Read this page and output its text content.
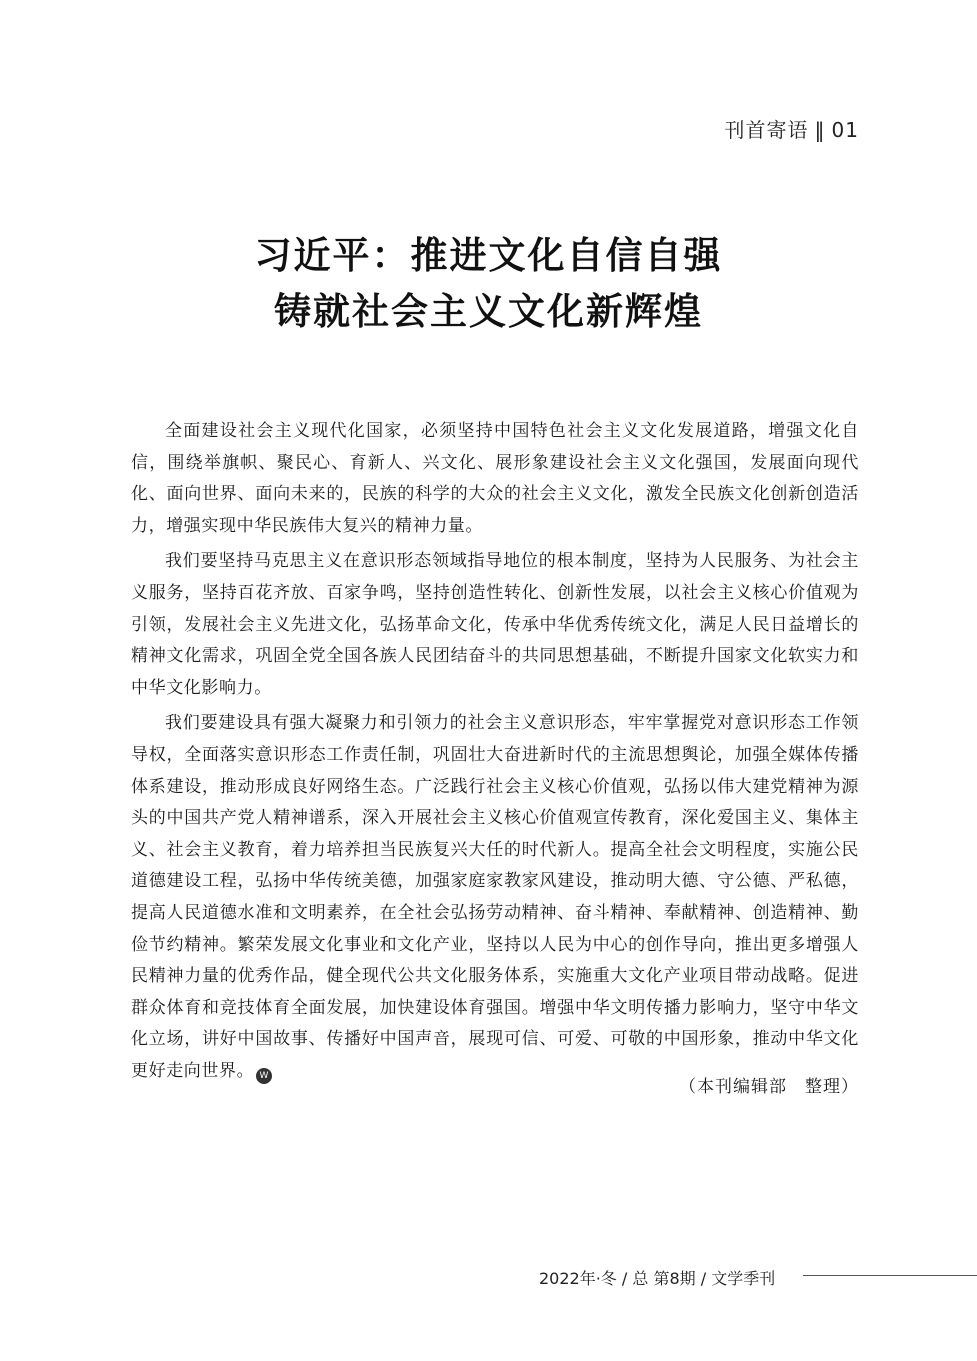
刊首寄语 ‖ 01
习近平：推进文化自信自强
铸就社会主义文化新辉煌

全面建设社会主义现代化国家，必须坚持中国特色社会主义文化发展道路，增强文化自信，围绕举旗帜、聚民心、育新人、兴文化、展形象建设社会主义文化强国，发展面向现代化、面向世界、面向未来的，民族的科学的大众的社会主义文化，激发全民族文化创新创造活力，增强实现中华民族伟大复兴的精神力量。

我们要坚持马克思主义在意识形态领域指导地位的根本制度，坚持为人民服务、为社会主义服务，坚持百花齐放、百家争鸣，坚持创造性转化、创新性发展，以社会主义核心价值观为引领，发展社会主义先进文化，弘扬革命文化，传承中华优秀传统文化，满足人民日益增长的精神文化需求，巩固全党全国各族人民团结奋斗的共同思想基础，不断提升国家文化软实力和中华文化影响力。

我们要建设具有强大凝聚力和引领力的社会主义意识形态，牢牢掌握党对意识形态工作领导权，全面落实意识形态工作责任制，巩固壮大奋进新时代的主流思想舆论，加强全媒体传播体系建设，推动形成良好网络生态。广泛践行社会主义核心价值观，弘扬以伟大建党精神为源头的中国共产党人精神谱系，深入开展社会主义核心价值观宣传教育，深化爱国主义、集体主义、社会主义教育，着力培养担当民族复兴大任的时代新人。提高全社会文明程度，实施公民道德建设工程，弘扬中华传统美德，加强家庭家教家风建设，推动明大德、守公德、严私德，提高人民道德水准和文明素养，在全社会弘扬劳动精神、奋斗精神、奉献精神、创造精神、勤俭节约精神。繁荣发展文化事业和文化产业，坚持以人民为中心的创作导向，推出更多增强人民精神力量的优秀作品，健全现代公共文化服务体系，实施重大文化产业项目带动战略。促进群众体育和竞技体育全面发展，加快建设体育强国。增强中华文明传播力影响力，坚守中华文化立场，讲好中国故事、传播好中国声音，展现可信、可爱、可敬的中国形象，推动中华文化更好走向世界。 W

（本刊编辑部　整理）
2022年·冬 / 总 第8期 / 文学季刊
